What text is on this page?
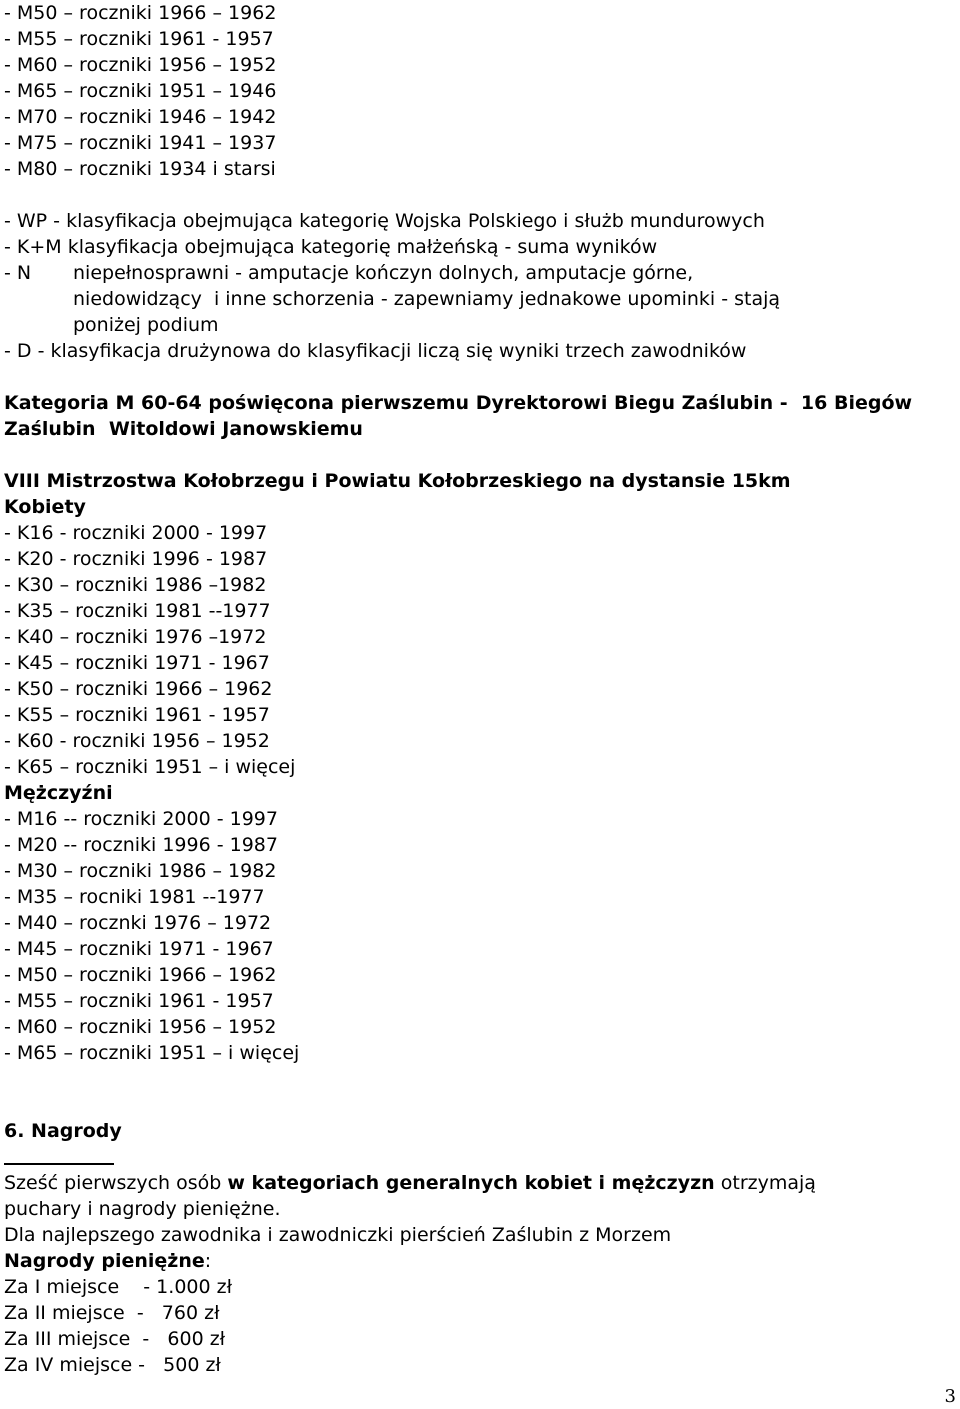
- M50 – roczniki 1966 – 1962
- M55 – roczniki 1961 - 1957
- M60 – roczniki 1956 – 1952
- M65 – roczniki 1951 – 1946
- M70 – roczniki 1946 – 1942
- M75 – roczniki 1941 – 1937
- M80 – roczniki 1934 i starsi
- WP - klasyfikacja obejmująca kategorię Wojska Polskiego i służb mundurowych
- K+M klasyfikacja obejmująca kategorię małżeńską - suma wyników
- N	niepełnosprawni - amputacje kończyn dolnych, amputacje górne,
niedowidzący  i inne schorzenia - zapewniamy jednakowe upominki - stają
poniżej podium
- D - klasyfikacja drużynowa do klasyfikacji liczą się wyniki trzech zawodników
Kategoria M 60-64 poświęcona pierwszemu Dyrektorowi Biegu Zaślubin -  16 Biegów
Zaślubin  Witoldowi Janowskiemu
VIII Mistrzostwa Kołobrzegu i Powiatu Kołobrzeskiego na dystansie 15km
Kobiety
- K16 - roczniki 2000 - 1997
- K20 - roczniki 1996 - 1987
- K30 – roczniki 1986 –1982
- K35 – roczniki 1981 --1977
- K40 – roczniki 1976 –1972
- K45 – roczniki 1971 - 1967
- K50 – roczniki 1966 – 1962
- K55 – roczniki 1961 - 1957
- K60 - roczniki 1956 – 1952
- K65 – roczniki 1951 – i więcej
Mężczyźni
- M16 -- roczniki 2000 - 1997
- M20 -- roczniki 1996 - 1987
- M30 – roczniki 1986 – 1982
- M35 – rocniki 1981 --1977
- M40 – rocznki 1976 – 1972
- M45 – roczniki 1971 - 1967
- M50 – roczniki 1966 – 1962
- M55 – roczniki 1961 - 1957
- M60 – roczniki 1956 – 1952
- M65 – roczniki 1951 – i więcej
6. Nagrody
Sześć pierwszych osób w kategoriach generalnych kobiet i mężczyzn otrzymają
puchary i nagrody pieniężne.
Dla najlepszego zawodnika i zawodniczki pierścień Zaślubin z Morzem
Nagrody pieniężne:
Za I miejsce    - 1.000 zł
Za II miejsce  -   760 zł
Za III miejsce  -   600 zł
Za IV miejsce -   500 zł
3
